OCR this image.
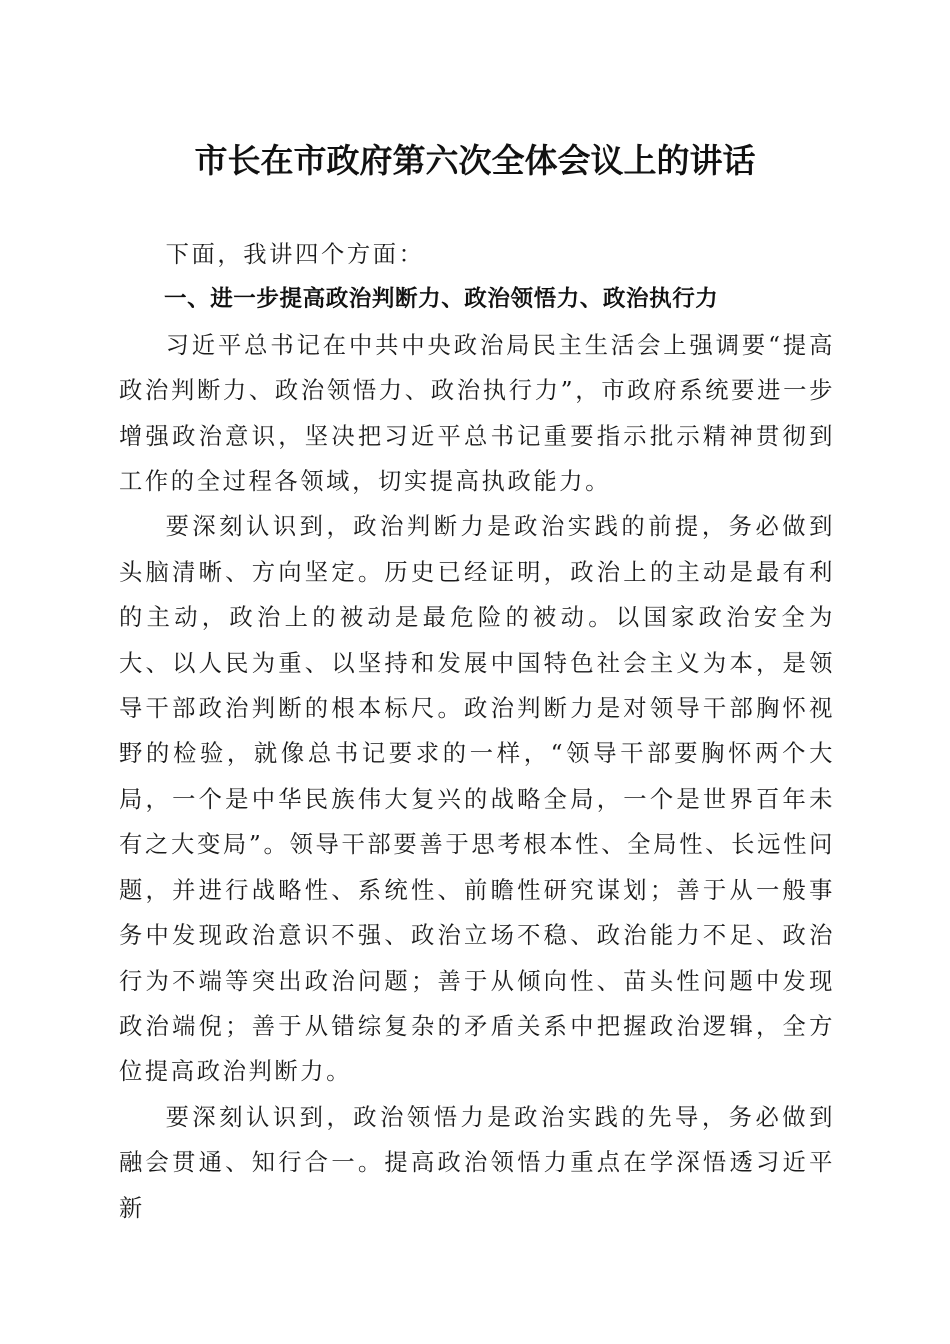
市长在市政府第六次全体会议上的讲话

下面，我讲四个方面：

一、进一步提高政治判断力、政治领悟力、政治执行力

习近平总书记在中共中央政治局民主生活会上强调要“提高政治判断力、政治领悟力、政治执行力”，市政府系统要进一步增强政治意识，坚决把习近平总书记重要指示批示精神贯彻到工作的全过程各领域，切实提高执政能力。

要深刻认识到，政治判断力是政治实践的前提，务必做到头脑清晰、方向坚定。历史已经证明，政治上的主动是最有利的主动，政治上的被动是最危险的被动。以国家政治安全为大、以人民为重、以坚持和发展中国特色社会主义为本，是领导干部政治判断的根本标尺。政治判断力是对领导干部胸怀视野的检验，就像总书记要求的一样，“领导干部要胸怀两个大局，一个是中华民族伟大复兴的战略全局，一个是世界百年未有之大变局”。领导干部要善于思考根本性、全局性、长远性问题，并进行战略性、系统性、前瞻性研究谋划；善于从一般事务中发现政治意识不强、政治立场不稳、政治能力不足、政治行为不端等突出政治问题；善于从倾向性、苗头性问题中发现政治端倪；善于从错综复杂的矛盾关系中把握政治逻辑，全方位提高政治判断力。

要深刻认识到，政治领悟力是政治实践的先导，务必做到融会贯通、知行合一。提高政治领悟力重点在学深悟透习近平新
